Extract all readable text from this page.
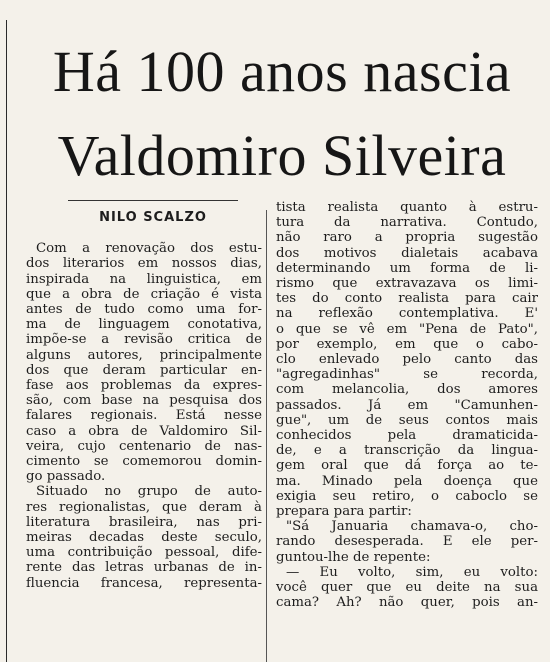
Há 100 anos nascia
Valdomiro Silveira
NILO SCALZO
Com a renovação dos estu-
dos literarios em nossos dias,
inspirada na linguistica, em
que a obra de criação é vista
antes de tudo como uma for-
ma de linguagem conotativa,
impõe-se a revisão critica de
alguns autores, principalmente
dos que deram particular en-
fase aos problemas da expres-
são, com base na pesquisa dos
falares regionais. Está nesse
caso a obra de Valdomiro Sil-
veira, cujo centenario de nas-
cimento se comemorou domin-
go passado.
Situado no grupo de auto-
res regionalistas, que deram à
literatura brasileira, nas pri-
meiras decadas deste seculo,
uma contribuição pessoal, dife-
rente das letras urbanas de in-
fluencia francesa, representa-
tista realista quanto à estru-
tura da narrativa. Contudo,
não raro a propria sugestão
dos motivos dialetais acabava
determinando um forma de li-
rismo que extravazava os limi-
tes do conto realista para cair
na reflexão contemplativa. E'
o que se vê em "Pena de Pato",
por exemplo, em que o cabo-
clo enlevado pelo canto das
"agregadinhas" se recorda,
com melancolia, dos amores
passados. Já em "Camunhen-
gue", um de seus contos mais
conhecidos pela dramaticida-
de, e a transcrição da lingua-
gem oral que dá força ao te-
ma. Minado pela doença que
exigia seu retiro, o caboclo se
prepara para partir:
"Sá Januaria chamava-o, cho-
rando desesperada. E ele per-
guntou-lhe de repente:
— Eu volto, sim, eu volto:
você quer que eu deite na sua
cama? Ah? não quer, pois an-
